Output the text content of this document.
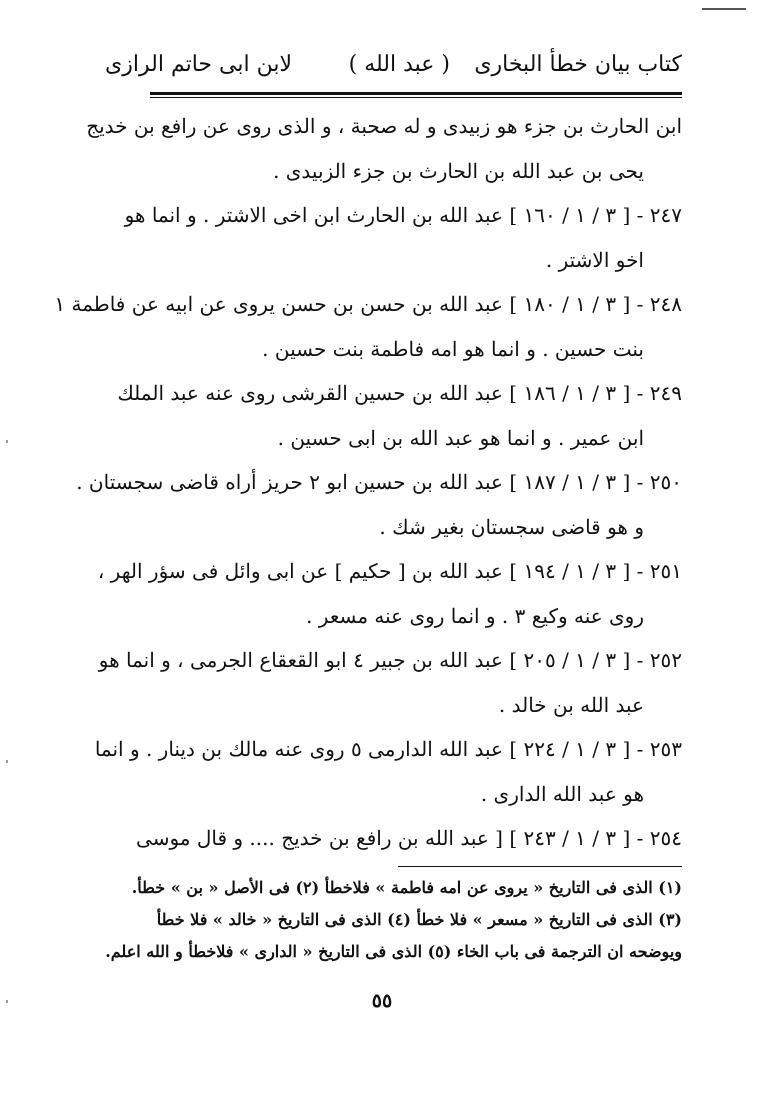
كتاب بيان خطأ البخارى
( عبد الله )
لابن ابى حاتم الرازى
ابن الحارث بن جزء هو زبيدى و له صحبة ، و الذى روى عن رافع بن خديج
يحى بن عبد الله بن الحارث بن جزء الزبيدى .
٢٤٧ - [ ٣ / ١ / ١٦٠ ] عبد الله بن الحارث ابن اخى الاشتر . و انما هو
اخو الاشتر .
٢٤٨ - [ ٣ / ١ / ١٨٠ ] عبد الله بن حسن بن حسن يروى عن ابيه عن فاطمة ١
بنت حسين . و انما هو امه فاطمة بنت حسين .
٢٤٩ - [ ٣ / ١ / ١٨٦ ] عبد الله بن حسين القرشى روى عنه عبد الملك
ابن عمير . و انما هو عبد الله بن ابى حسين .
٢٥٠ - [ ٣ / ١ / ١٨٧ ] عبد الله بن حسين ابو ٢ حريز أراه قاضى سجستان .
و هو قاضى سجستان بغير شك .
٢٥١ - [ ٣ / ١ / ١٩٤ ] عبد الله بن [ حكيم ] عن ابى وائل فى سؤر الهر ،
روى عنه وكيع ٣ . و انما روى عنه مسعر .
٢٥٢ - [ ٣ / ١ / ٢٠٥ ] عبد الله بن جبير ٤ ابو القعقاع الجرمى ، و انما هو
عبد الله بن خالد .
٢٥٣ - [ ٣ / ١ / ٢٢٤ ] عبد الله الدارمى ٥ روى عنه مالك بن دينار . و انما
هو عبد الله الدارى .
٢٥٤ - [ ٣ / ١ / ٢٤٣ ] [ عبد الله بن رافع بن خديج .... و قال موسى
(١) الذى فى التاريخ « يروى عن امه فاطمة » فلاخطأ (٢) فى الأصل « بن » خطأ.
(٣) الذى فى التاريخ « مسعر » فلا خطأ (٤) الذى فى التاريخ « خالد » فلا خطأ
ويوضحه ان الترجمة فى باب الخاء (٥) الذى فى التاريخ « الدارى » فلاخطأ و الله اعلم.
٥٥
